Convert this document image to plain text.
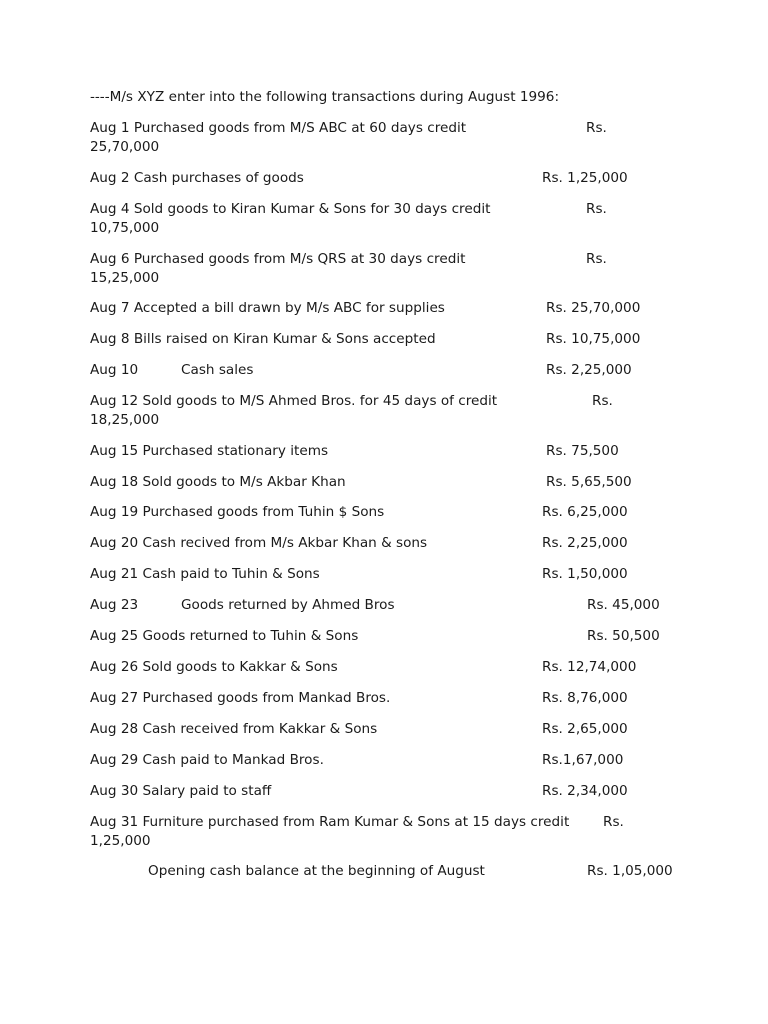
----M/s XYZ enter into the following transactions during August 1996:
Aug 1 Purchased goods from M/S ABC at 60 days credit	Rs.
25,70,000
Aug 2 Cash purchases of goods	Rs. 1,25,000
Aug 4 Sold goods to Kiran Kumar & Sons for 30 days credit	Rs.
10,75,000
Aug 6 Purchased goods from M/s QRS at 30 days credit	Rs.
15,25,000
Aug 7 Accepted a bill drawn by M/s ABC for supplies	Rs. 25,70,000
Aug 8 Bills raised on Kiran Kumar & Sons accepted	Rs. 10,75,000
Aug 10	Cash sales	Rs. 2,25,000
Aug 12 Sold goods to M/S Ahmed Bros. for 45 days of credit	Rs.
18,25,000
Aug 15 Purchased stationary items	Rs. 75,500
Aug 18 Sold goods to M/s Akbar Khan	Rs. 5,65,500
Aug 19 Purchased goods from Tuhin $ Sons	Rs. 6,25,000
Aug 20 Cash recived from M/s Akbar Khan & sons	Rs. 2,25,000
Aug 21 Cash paid to Tuhin & Sons	Rs. 1,50,000
Aug 23	Goods returned by Ahmed Bros	Rs. 45,000
Aug 25 Goods returned to Tuhin & Sons	Rs. 50,500
Aug 26 Sold goods to Kakkar & Sons	Rs. 12,74,000
Aug 27 Purchased goods from Mankad Bros.	Rs. 8,76,000
Aug 28 Cash received from Kakkar & Sons	Rs. 2,65,000
Aug 29 Cash paid to Mankad Bros.	Rs.1,67,000
Aug 30 Salary paid to staff	Rs. 2,34,000
Aug 31 Furniture purchased from Ram Kumar & Sons at 15 days credit Rs.
1,25,000
Opening cash balance at the beginning of August	Rs. 1,05,000
